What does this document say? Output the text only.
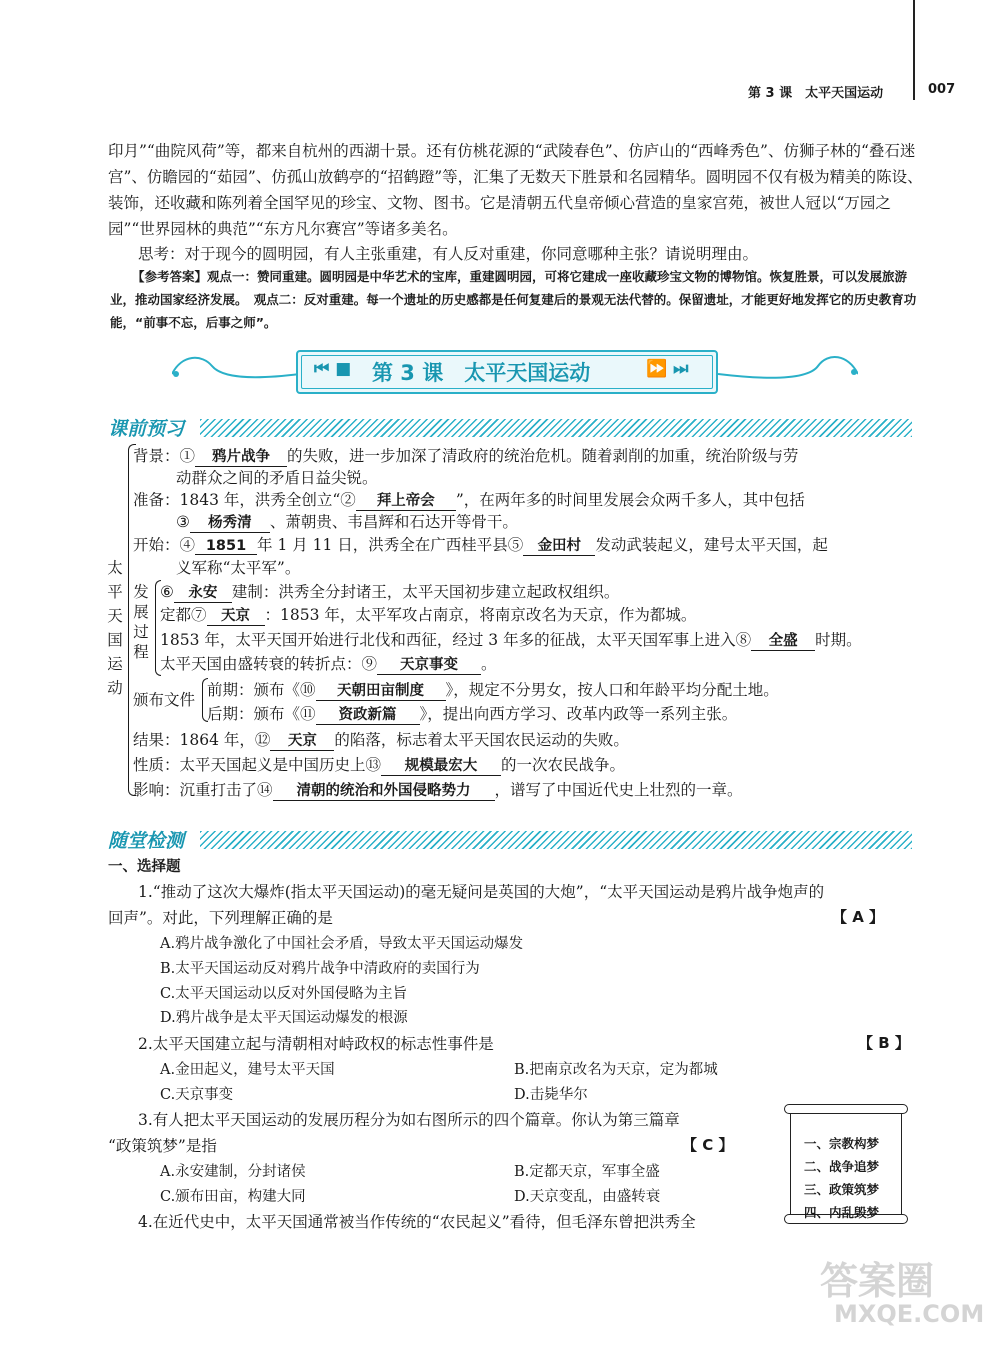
第 3 课　太平天国运动	007

印月”“曲院风荷”等，都来自杭州的西湖十景。还有仿桃花源的“武陵春色”、仿庐山的“西峰秀色”、仿狮子林的“叠石迷宫”、仿瞻园的“茹园”、仿孤山放鹤亭的“招鹤蹬”等，汇集了无数天下胜景和名园精华。圆明园不仅有极为精美的陈设、装饰，还收藏和陈列着全国罕见的珍宝、文物、图书。它是清朝五代皇帝倾心营造的皇家宫苑，被世人冠以“万园之园”“世界园林的典范”“东方凡尔赛宫”等诸多美名。

思考：对于现今的圆明园，有人主张重建，有人反对重建，你同意哪种主张？请说明理由。

【参考答案】观点一：赞同重建。圆明园是中华艺术的宝库，重建圆明园，可将它建成一座收藏珍宝文物的博物馆。恢复胜景，可以发展旅游业，推动国家经济发展。　观点二：反对重建。每一个遗址的历史感都是任何复建后的景观无法代替的。保留遗址，才能更好地发挥它的历史教育功能，“前事不忘，后事之师”。
⏮ ■ 第 3 课　太平天国运动	⏩ ⏭
课前预习
太
平
天
国
运
动
背景：① 鸦片战争 的失败，进一步加深了清政府的统治危机。随着剥削的加重，统治阶级与劳
动群众之间的矛盾日益尖锐。
准备：1843 年，洪秀全创立“② 拜上帝会 ”，在两年多的时间里发展会众两千多人，其中包括
③ 杨秀清 、萧朝贵、韦昌辉和石达开等骨干。
开始：④ 1851 年 1 月 11 日，洪秀全在广西桂平县⑤ 金田村 发动武装起义，建号太平天国，起
义军称“太平军”。
发
展
过
程
⑥ 永安 建制：洪秀全分封诸王，太平天国初步建立起政权组织。
定都⑦ 天京 ：1853 年，太平军攻占南京，将南京改名为天京，作为都城。
1853 年，太平天国开始进行北伐和西征，经过 3 年多的征战，太平天国军事上进入⑧ 全盛 时期。
太平天国由盛转衰的转折点：⑨ 天京事变 。
颁布文件
前期：颁布《⑩ 天朝田亩制度 》，规定不分男女，按人口和年龄平均分配土地。
后期：颁布《⑪ 资政新篇 》，提出向西方学习、改革内政等一系列主张。
结果：1864 年，⑫ 天京 的陷落，标志着太平天国农民运动的失败。
性质：太平天国起义是中国历史上⑬ 规模最宏大 的一次农民战争。
影响：沉重打击了⑭ 清朝的统治和外国侵略势力 ，谱写了中国近代史上壮烈的一章。
随堂检测
一、选择题
1.“推动了这次大爆炸(指太平天国运动)的毫无疑问是英国的大炮”，“太平天国运动是鸦片战争炮声的
回声”。对此，下列理解正确的是	【 A 】
A.鸦片战争激化了中国社会矛盾，导致太平天国运动爆发
B.太平天国运动反对鸦片战争中清政府的卖国行为
C.太平天国运动以反对外国侵略为主旨
D.鸦片战争是太平天国运动爆发的根源
2.太平天国建立起与清朝相对峙政权的标志性事件是	【 B 】
A.金田起义，建号太平天国	B.把南京改名为天京，定为都城
C.天京事变	D.击毙华尔
3.有人把太平天国运动的发展历程分为如右图所示的四个篇章。你认为第三篇章
“政策筑梦”是指	【 C 】
A.永安建制，分封诸侯	B.定都天京，军事全盛
C.颁布田亩，构建大同	D.天京变乱，由盛转衰
4.在近代史中，太平天国通常被当作传统的“农民起义”看待，但毛泽东曾把洪秀全
一、宗教构梦
二、战争追梦
三、政策筑梦
四、内乱毁梦
答案圈
MXQE.COM
